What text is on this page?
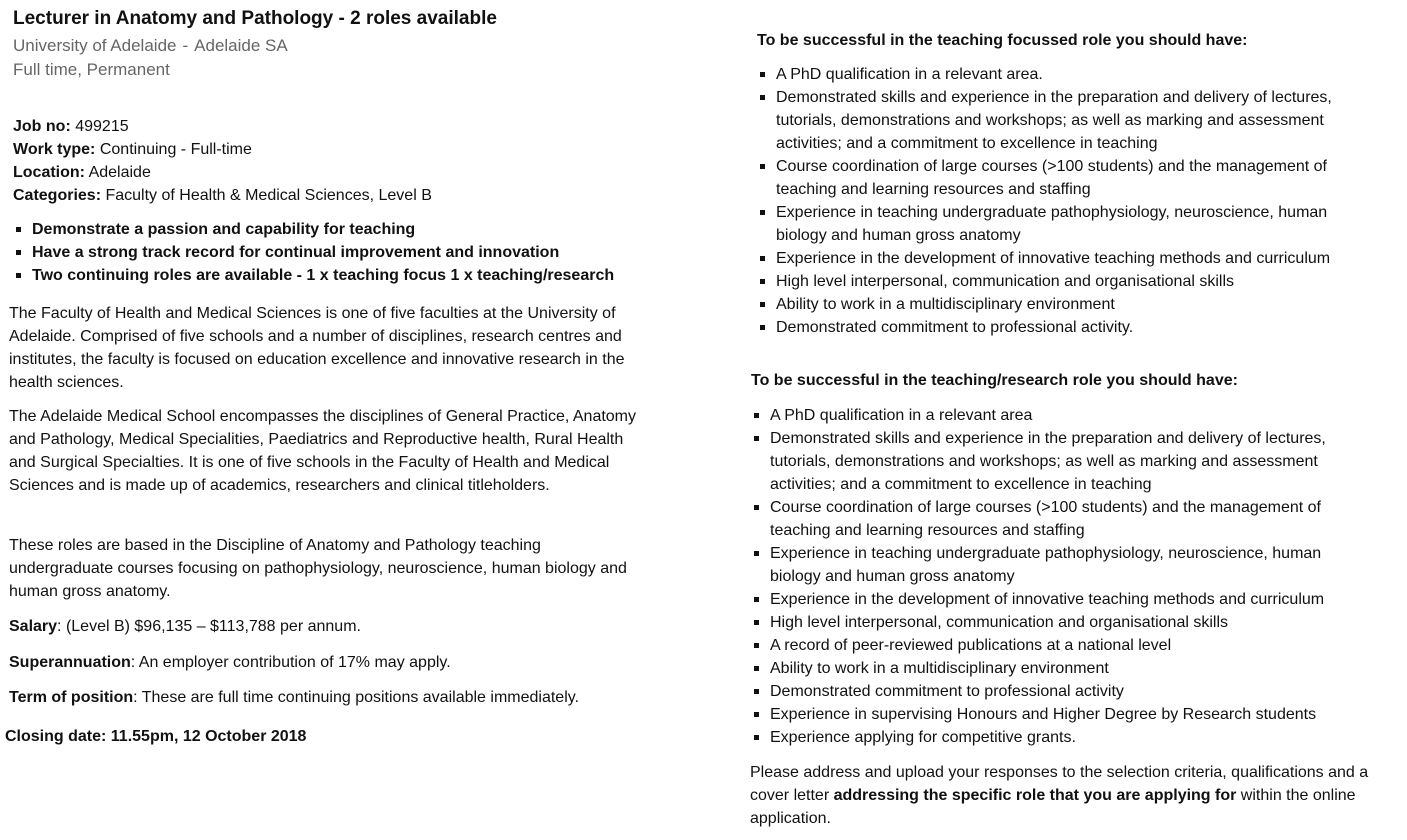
Lecturer in Anatomy and Pathology - 2 roles available
University of Adelaide - Adelaide SA
Full time, Permanent
Job no: 499215
Work type: Continuing - Full-time
Location: Adelaide
Categories: Faculty of Health & Medical Sciences, Level B
Demonstrate a passion and capability for teaching
Have a strong track record for continual improvement and innovation
Two continuing roles are available - 1 x teaching focus 1 x teaching/research
The Faculty of Health and Medical Sciences is one of five faculties at the University of Adelaide. Comprised of five schools and a number of disciplines, research centres and institutes, the faculty is focused on education excellence and innovative research in the health sciences.
The Adelaide Medical School encompasses the disciplines of General Practice, Anatomy and Pathology, Medical Specialities, Paediatrics and Reproductive health, Rural Health and Surgical Specialties. It is one of five schools in the Faculty of Health and Medical Sciences and is made up of academics, researchers and clinical titleholders.
These roles are based in the Discipline of Anatomy and Pathology teaching undergraduate courses focusing on pathophysiology, neuroscience, human biology and human gross anatomy.
Salary: (Level B) $96,135 – $113,788 per annum.
Superannuation: An employer contribution of 17% may apply.
Term of position: These are full time continuing positions available immediately.
Closing date: 11.55pm, 12 October 2018
To be successful in the teaching focussed role you should have:
A PhD qualification in a relevant area.
Demonstrated skills and experience in the preparation and delivery of lectures, tutorials, demonstrations and workshops; as well as marking and assessment activities; and a commitment to excellence in teaching
Course coordination of large courses (>100 students) and the management of teaching and learning resources and staffing
Experience in teaching undergraduate pathophysiology, neuroscience, human biology and human gross anatomy
Experience in the development of innovative teaching methods and curriculum
High level interpersonal, communication and organisational skills
Ability to work in a multidisciplinary environment
Demonstrated commitment to professional activity.
To be successful in the teaching/research role you should have:
A PhD qualification in a relevant area
Demonstrated skills and experience in the preparation and delivery of lectures, tutorials, demonstrations and workshops; as well as marking and assessment activities; and a commitment to excellence in teaching
Course coordination of large courses (>100 students) and the management of teaching and learning resources and staffing
Experience in teaching undergraduate pathophysiology, neuroscience, human biology and human gross anatomy
Experience in the development of innovative teaching methods and curriculum
High level interpersonal, communication and organisational skills
A record of peer-reviewed publications at a national level
Ability to work in a multidisciplinary environment
Demonstrated commitment to professional activity
Experience in supervising Honours and Higher Degree by Research students
Experience applying for competitive grants.
Please address and upload your responses to the selection criteria, qualifications and a cover letter addressing the specific role that you are applying for within the online application.
